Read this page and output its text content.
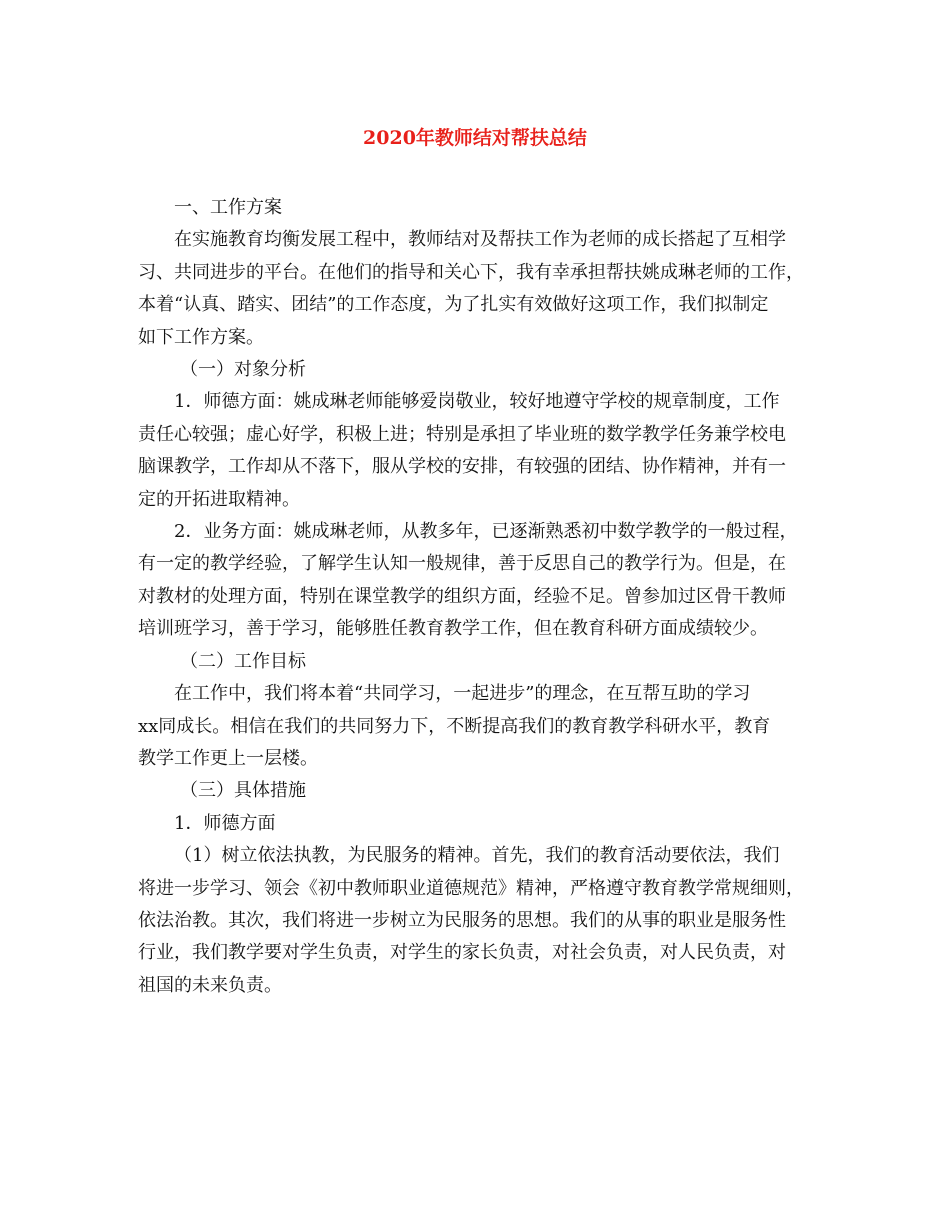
2020年教师结对帮扶总结
一、工作方案
在实施教育均衡发展工程中，教师结对及帮扶工作为老师的成长搭起了互相学
习、共同进步的平台。在他们的指导和关心下，我有幸承担帮扶姚成琳老师的工作，
本着“认真、踏实、团结”的工作态度，为了扎实有效做好这项工作，我们拟制定
如下工作方案。
（一）对象分析
1．师德方面：姚成琳老师能够爱岗敬业，较好地遵守学校的规章制度，工作
责任心较强；虚心好学，积极上进；特别是承担了毕业班的数学教学任务兼学校电
脑课教学，工作却从不落下，服从学校的安排，有较强的团结、协作精神，并有一
定的开拓进取精神。
2．业务方面：姚成琳老师，从教多年，已逐渐熟悉初中数学教学的一般过程，
有一定的教学经验，了解学生认知一般规律，善于反思自己的教学行为。但是，在
对教材的处理方面，特别在课堂教学的组织方面，经验不足。曾参加过区骨干教师
培训班学习，善于学习，能够胜任教育教学工作，但在教育科研方面成绩较少。
（二）工作目标
在工作中，我们将本着“共同学习，一起进步”的理念，在互帮互助的学习
xx同成长。相信在我们的共同努力下，不断提高我们的教育教学科研水平，教育
教学工作更上一层楼。
（三）具体措施
1．师德方面
（1）树立依法执教，为民服务的精神。首先，我们的教育活动要依法，我们
将进一步学习、领会《初中教师职业道德规范》精神，严格遵守教育教学常规细则，
依法治教。其次，我们将进一步树立为民服务的思想。我们的从事的职业是服务性
行业，我们教学要对学生负责，对学生的家长负责，对社会负责，对人民负责，对
祖国的未来负责。
